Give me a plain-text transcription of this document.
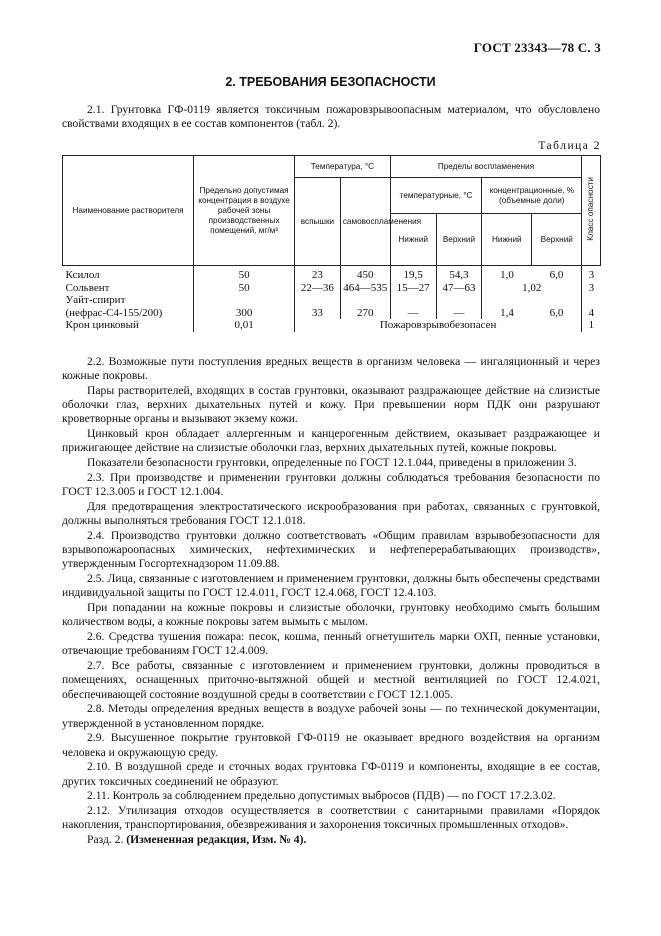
ГОСТ 23343—78 С. 3
2. ТРЕБОВАНИЯ БЕЗОПАСНОСТИ

2.1. Грунтовка ГФ-0119 является токсичным пожаровзрывоопасным материалом, что обусловлено свойствами входящих в ее состав компонентов (табл. 2).

Таблица 2
Наименование растворителя	Предельно допустимая концентрация в воздухе рабочей зоны производственных помещений, мг/м³	Температура, °С		Пределы воспламенения				Класс опасности
		вспышки	самовоспламенения	температурные, °С		концентрационные, % (объемные доли)		
				Нижний	Верхний	Нижний	Верхний	
Ксилол	50	23	450	19,5	54,3	1,0	6,0	3
Сольвент	50	22—36	464—535	15—27	47—63	1,02		3
Уайт-спирит
(нефрас-С4-155/200)	300	33	270	—	—	1,4	6,0	4
Крон цинковый	0,01	Пожаровзрывобезопасен						1

2.2. Возможные пути поступления вредных веществ в организм человека — ингаляционный и через кожные покровы.

Пары растворителей, входящих в состав грунтовки, оказывают раздражающее действие на слизистые оболочки глаз, верхних дыхательных путей и кожу. При превышении норм ПДК они разрушают кроветворные органы и вызывают экзему кожи.

Цинковый крон обладает аллергенным и канцерогенным действием, оказывает раздражающее и прижигающее действие на слизистые оболочки глаз, верхних дыхательных путей, кожные покровы.

Показатели безопасности грунтовки, определенные по ГОСТ 12.1.044, приведены в приложении 3.

2.3. При производстве и применении грунтовки должны соблюдаться требования безопасности по ГОСТ 12.3.005 и ГОСТ 12.1.004.

Для предотвращения электростатического искрообразования при работах, связанных с грунтовкой, должны выполняться требования ГОСТ 12.1.018.

2.4. Производство грунтовки должно соответствовать «Общим правилам взрывобезопасности для взрывопожароопасных химических, нефтехимических и нефтеперерабатывающих производств», утвержденным Госгортехнадзором 11.09.88.

2.5. Лица, связанные с изготовлением и применением грунтовки, должны быть обеспечены средствами индивидуальной защиты по ГОСТ 12.4.011, ГОСТ 12.4.068, ГОСТ 12.4.103.

При попадании на кожные покровы и слизистые оболочки, грунтовку необходимо смыть большим количеством воды, а кожные покровы затем вымыть с мылом.

2.6. Средства тушения пожара: песок, кошма, пенный огнетушитель марки ОХП, пенные установки, отвечающие требованиям ГОСТ 12.4.009.

2.7. Все работы, связанные с изготовлением и применением грунтовки, должны проводиться в помещениях, оснащенных приточно-вытяжной общей и местной вентиляцией по ГОСТ 12.4.021, обеспечивающей состояние воздушной среды в соответствии с ГОСТ 12.1.005.

2.8. Методы определения вредных веществ в воздухе рабочей зоны — по технической документации, утвержденной в установленном порядке.

2.9. Высушенное покрытие грунтовкой ГФ-0119 не оказывает вредного воздействия на организм человека и окружающую среду.

2.10. В воздушной среде и сточных водах грунтовка ГФ-0119 и компоненты, входящие в ее состав, других токсичных соединений не образуют.

2.11. Контроль за соблюдением предельно допустимых выбросов (ПДВ) — по ГОСТ 17.2.3.02.

2.12. Утилизация отходов осуществляется в соответствии с санитарными правилами «Порядок накопления, транспортирования, обезвреживания и захоронения токсичных промышленных отходов».

Разд. 2. (Измененная редакция, Изм. № 4).
